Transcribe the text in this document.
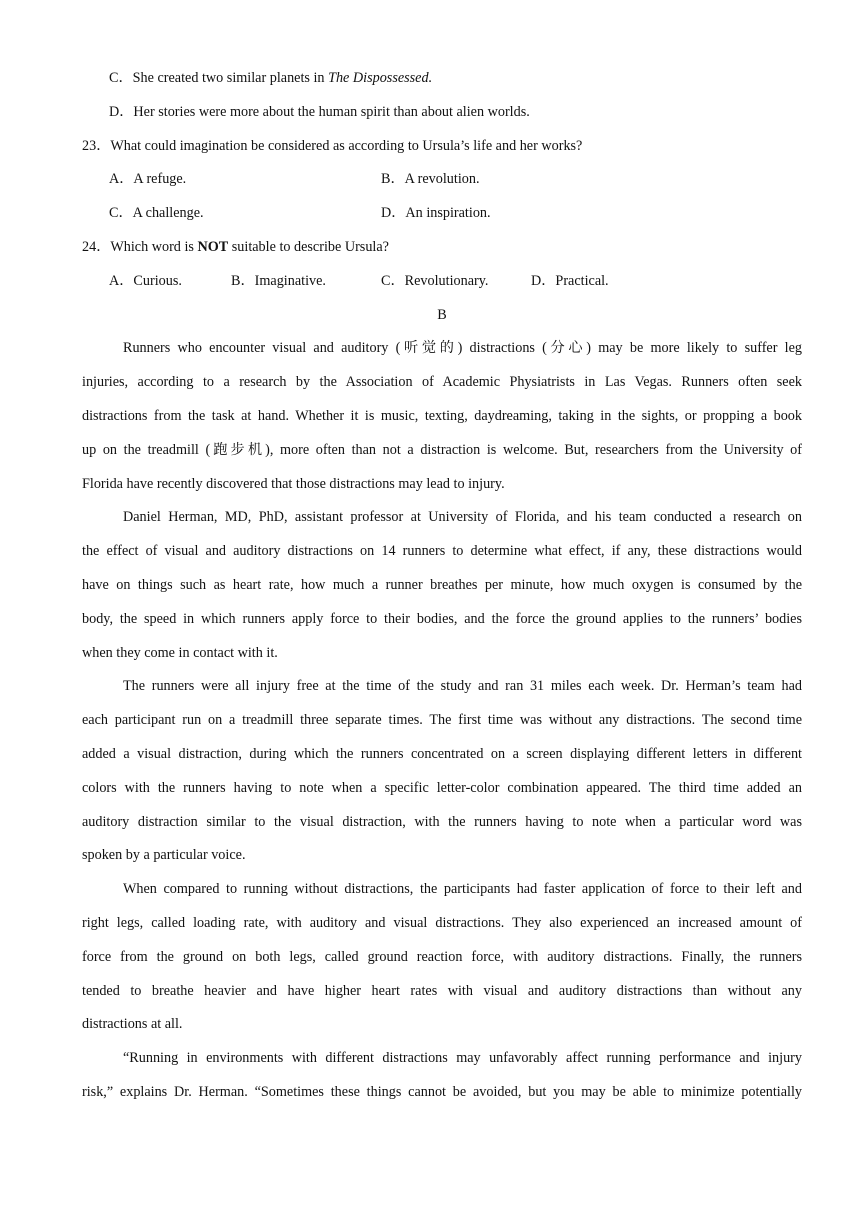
C．She created two similar planets in The Dispossessed.
D．Her stories were more about the human spirit than about alien worlds.
23．What could imagination be considered as according to Ursula’s life and her works?
A．A refuge.	B．A revolution.
C．A challenge.	D．An inspiration.
24．Which word is NOT suitable to describe Ursula?
A．Curious.	B．Imaginative.	C．Revolutionary.	D．Practical.
B
Runners who encounter visual and auditory (听觉的) distractions (分心) may be more likely to suffer leg
injuries, according to a research by the Association of Academic Physiatrists in Las Vegas. Runners often seek
distractions from the task at hand. Whether it is music, texting, daydreaming, taking in the sights, or propping a book
up on the treadmill (跑步机), more often than not a distraction is welcome. But, researchers from the University of
Florida have recently discovered that those distractions may lead to injury.
Daniel Herman, MD, PhD, assistant professor at University of Florida, and his team conducted a research on
the effect of visual and auditory distractions on 14 runners to determine what effect, if any, these distractions would
have on things such as heart rate, how much a runner breathes per minute, how much oxygen is consumed by the
body, the speed in which runners apply force to their bodies, and the force the ground applies to the runners’ bodies
when they come in contact with it.
The runners were all injury free at the time of the study and ran 31 miles each week. Dr. Herman’s team had
each participant run on a treadmill three separate times. The first time was without any distractions. The second time
added a visual distraction, during which the runners concentrated on a screen displaying different letters in different
colors with the runners having to note when a specific letter-color combination appeared. The third time added an
auditory distraction similar to the visual distraction, with the runners having to note when a particular word was
spoken by a particular voice.
When compared to running without distractions, the participants had faster application of force to their left and
right legs, called loading rate, with auditory and visual distractions. They also experienced an increased amount of
force from the ground on both legs, called ground reaction force, with auditory distractions. Finally, the runners
tended to breathe heavier and have higher heart rates with visual and auditory distractions than without any
distractions at all.
“Running in environments with different distractions may unfavorably affect running performance and injury
risk,” explains Dr. Herman. “Sometimes these things cannot be avoided, but you may be able to minimize potentially
